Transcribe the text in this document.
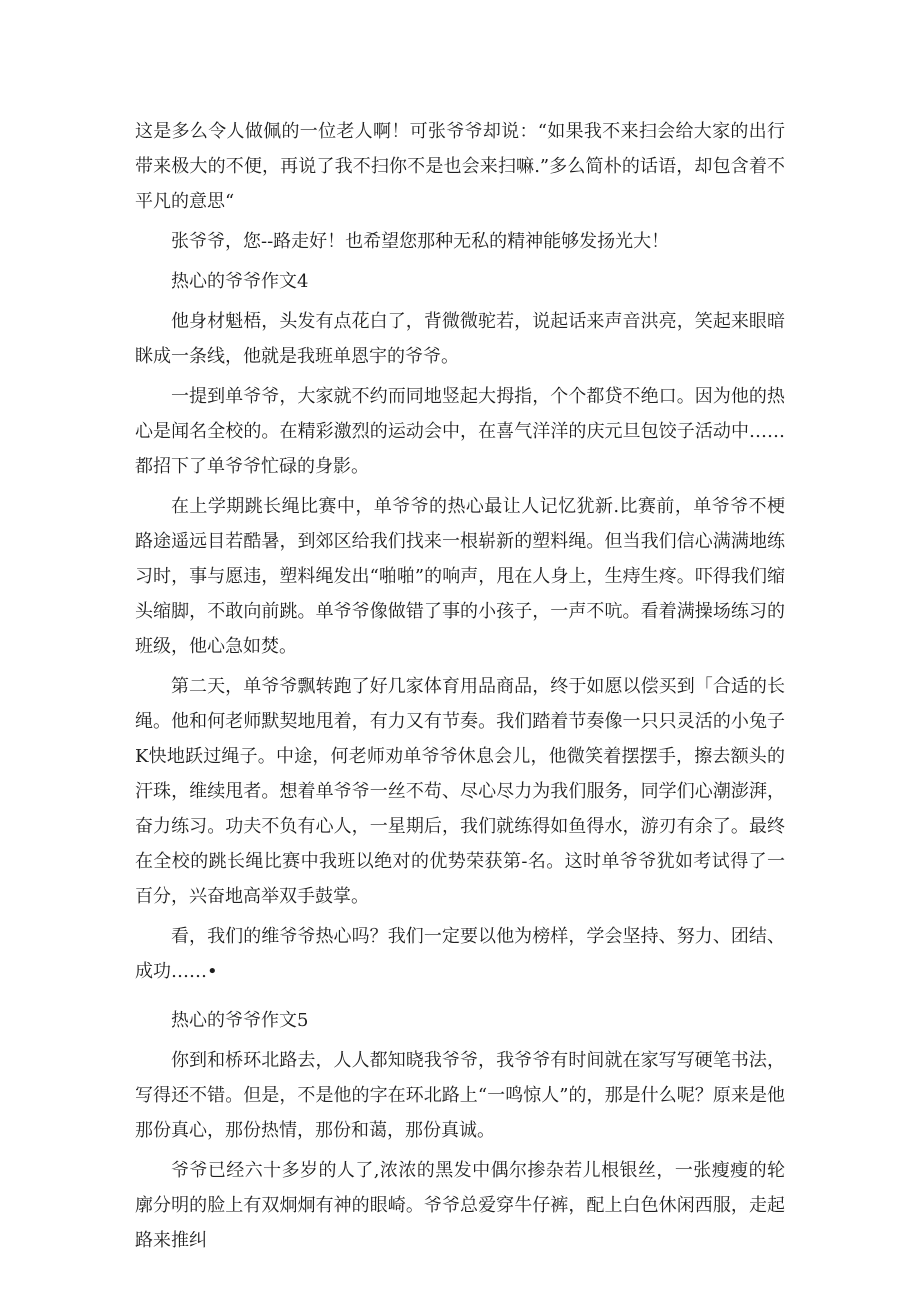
这是多么令人做佩的一位老人啊！可张爷爷却说：“如果我不来扫会给大家的出行带来极大的不便，再说了我不扫你不是也会来扫嘛.”多么简朴的话语，却包含着不平凡的意思“

张爷爷，您--路走好！也希望您那种无私的精神能够发扬光大！

热心的爷爷作文4

他身材魁梧，头发有点花白了，背微微驼若，说起话来声音洪亮，笑起来眼暗眯成一条线，他就是我班单恩宇的爷爷。

一提到单爷爷，大家就不约而同地竖起大拇指，个个都贷不绝口。因为他的热心是闻名全校的。在精彩激烈的运动会中，在喜气洋洋的庆元旦包饺子活动中……都招下了单爷爷忙碌的身影。

在上学期跳长绳比赛中，单爷爷的热心最让人记忆犹新.比赛前，单爷爷不梗路途遥远目若酷暑，到郊区给我们找来一根崭新的塑料绳。但当我们信心满满地练习时，事与愿违，塑料绳发出“啪啪”的响声，甩在人身上，生痔生疼。吓得我们缩头缩脚，不敢向前跳。单爷爷像做错了事的小孩子，一声不吭。看着满操场练习的班级，他心急如焚。

第二天，单爷爷飘转跑了好几家体育用品商品，终于如愿以偿买到「合适的长绳。他和何老师默契地甩着，有力又有节奏。我们踏着节奏像一只只灵活的小兔子K快地跃过绳子。中途，何老师劝单爷爷休息会儿，他微笑着摆摆手，擦去额头的汗珠，维续甩者。想着单爷爷一丝不苟、尽心尽力为我们服务，同学们心潮澎湃，奋力练习。功夫不负有心人，一星期后，我们就练得如鱼得水，游刃有余了。最终在全校的跳长绳比赛中我班以绝对的优势荣获第-名。这时单爷爷犹如考试得了一百分，兴奋地高举双手鼓掌。

看，我们的维爷爷热心吗？我们一定要以他为榜样，学会坚持、努力、团结、成功……•

热心的爷爷作文5

你到和桥环北路去，人人都知晓我爷爷，我爷爷有时间就在家写写硬笔书法，写得还不错。但是，不是他的字在环北路上“一鸣惊人”的，那是什么呢？原来是他那份真心，那份热情，那份和蔼，那份真诚。

爷爷已经六十多岁的人了,浓浓的黑发中偶尔掺杂若儿根银丝，一张瘦瘦的轮廓分明的脸上有双炯炯有神的眼崎。爷爷总爱穿牛仔裤，配上白色休闲西服，走起路来推纠
